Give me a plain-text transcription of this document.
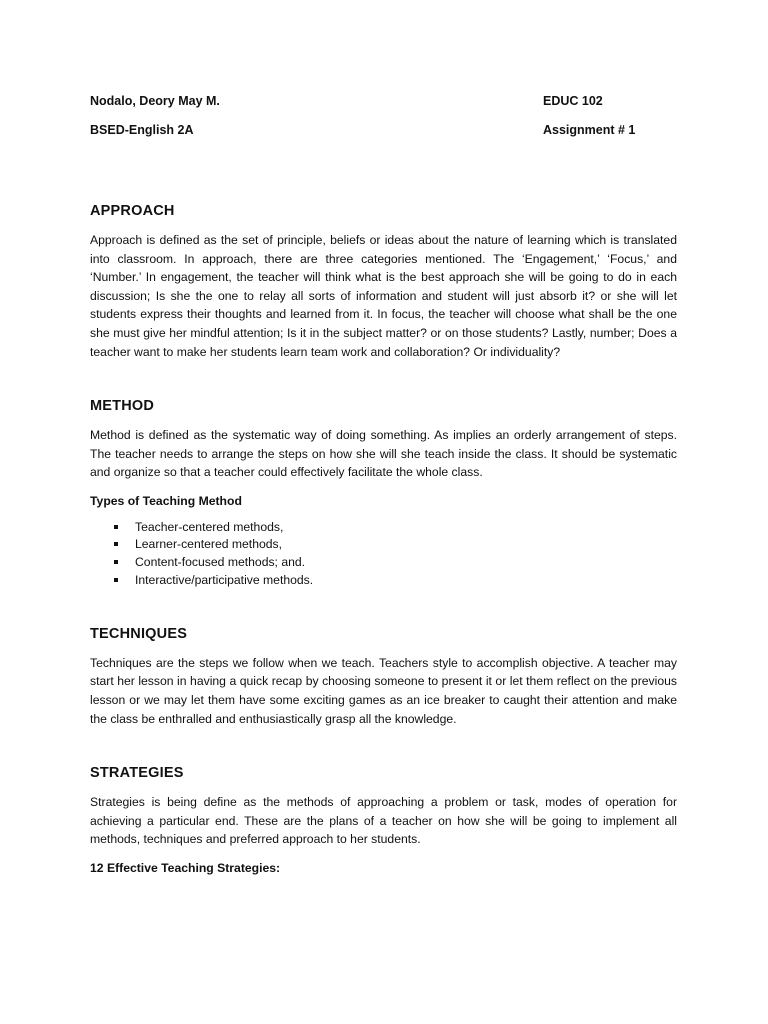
Nodalo, Deory May M.	EDUC 102
BSED-English 2A	Assignment # 1
APPROACH

Approach is defined as the set of principle, beliefs or ideas about the nature of learning which is translated into classroom. In approach, there are three categories mentioned. The ‘Engagement,’ ‘Focus,’ and ‘Number.’ In engagement, the teacher will think what is the best approach she will be going to do in each discussion; Is she the one to relay all sorts of information and student will just absorb it? or she will let students express their thoughts and learned from it. In focus, the teacher will choose what shall be the one she must give her mindful attention; Is it in the subject matter? or on those students? Lastly, number; Does a teacher want to make her students learn team work and collaboration? Or individuality?

METHOD

Method is defined as the systematic way of doing something. As implies an orderly arrangement of steps. The teacher needs to arrange the steps on how she will she teach inside the class. It should be systematic and organize so that a teacher could effectively facilitate the whole class.

Types of Teaching Method
Teacher-centered methods,
Learner-centered methods,
Content-focused methods; and.
Interactive/participative methods.
TECHNIQUES

Techniques are the steps we follow when we teach. Teachers style to accomplish objective. A teacher may start her lesson in having a quick recap by choosing someone to present it or let them reflect on the previous lesson or we may let them have some exciting games as an ice breaker to caught their attention and make the class be enthralled and enthusiastically grasp all the knowledge.

STRATEGIES

Strategies is being define as the methods of approaching a problem or task, modes of operation for achieving a particular end. These are the plans of a teacher on how she will be going to implement all methods, techniques and preferred approach to her students.

12 Effective Teaching Strategies:
